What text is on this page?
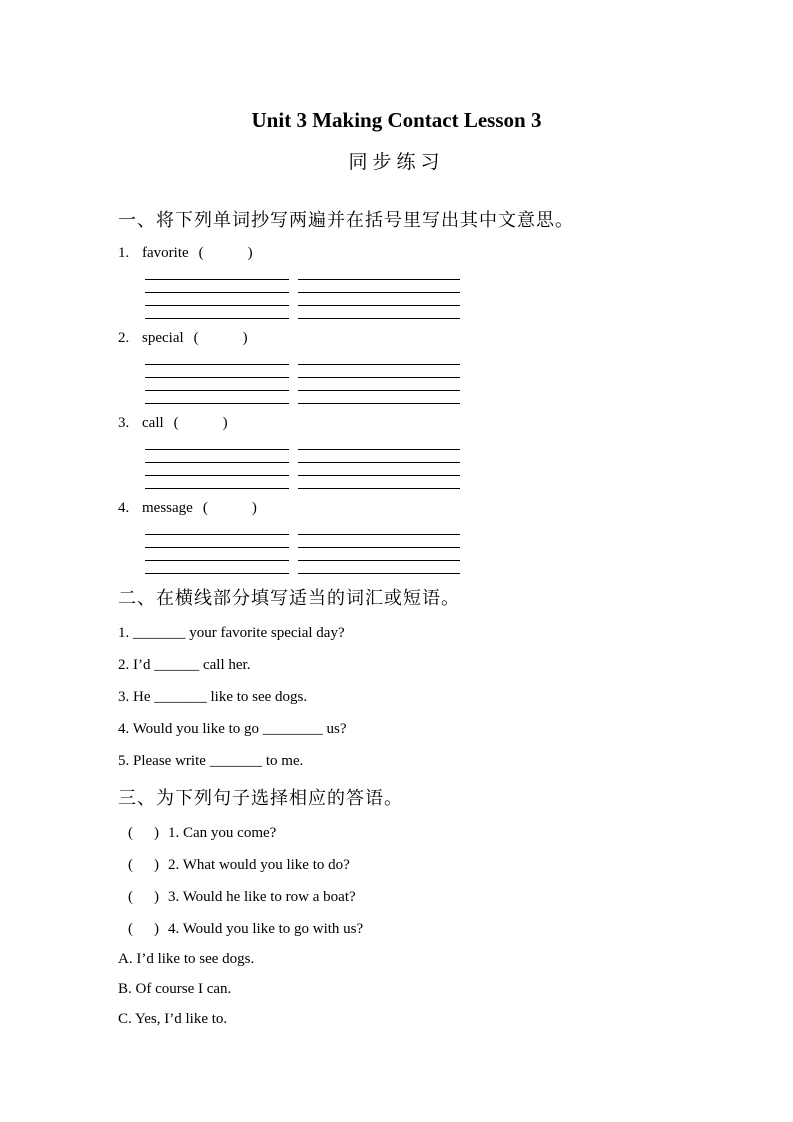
Unit 3 Making Contact Lesson 3
同步练习
一、将下列单词抄写两遍并在括号里写出其中文意思。
1. favorite (	)
2. special (	)
3. call (	)
4. message (	)
二、在横线部分填写适当的词汇或短语。
1. _______ your favorite special day?
2. I’d ______ call her.
3. He _______ like to see dogs.
4. Would you like to go ________ us?
5. Please write _______ to me.
三、为下列句子选择相应的答语。
( ) 1. Can you come?
( ) 2. What would you like to do?
( ) 3. Would he like to row a boat?
( ) 4. Would you like to go with us?
A. I’d like to see dogs.
B. Of course I can.
C. Yes, I’d like to.
